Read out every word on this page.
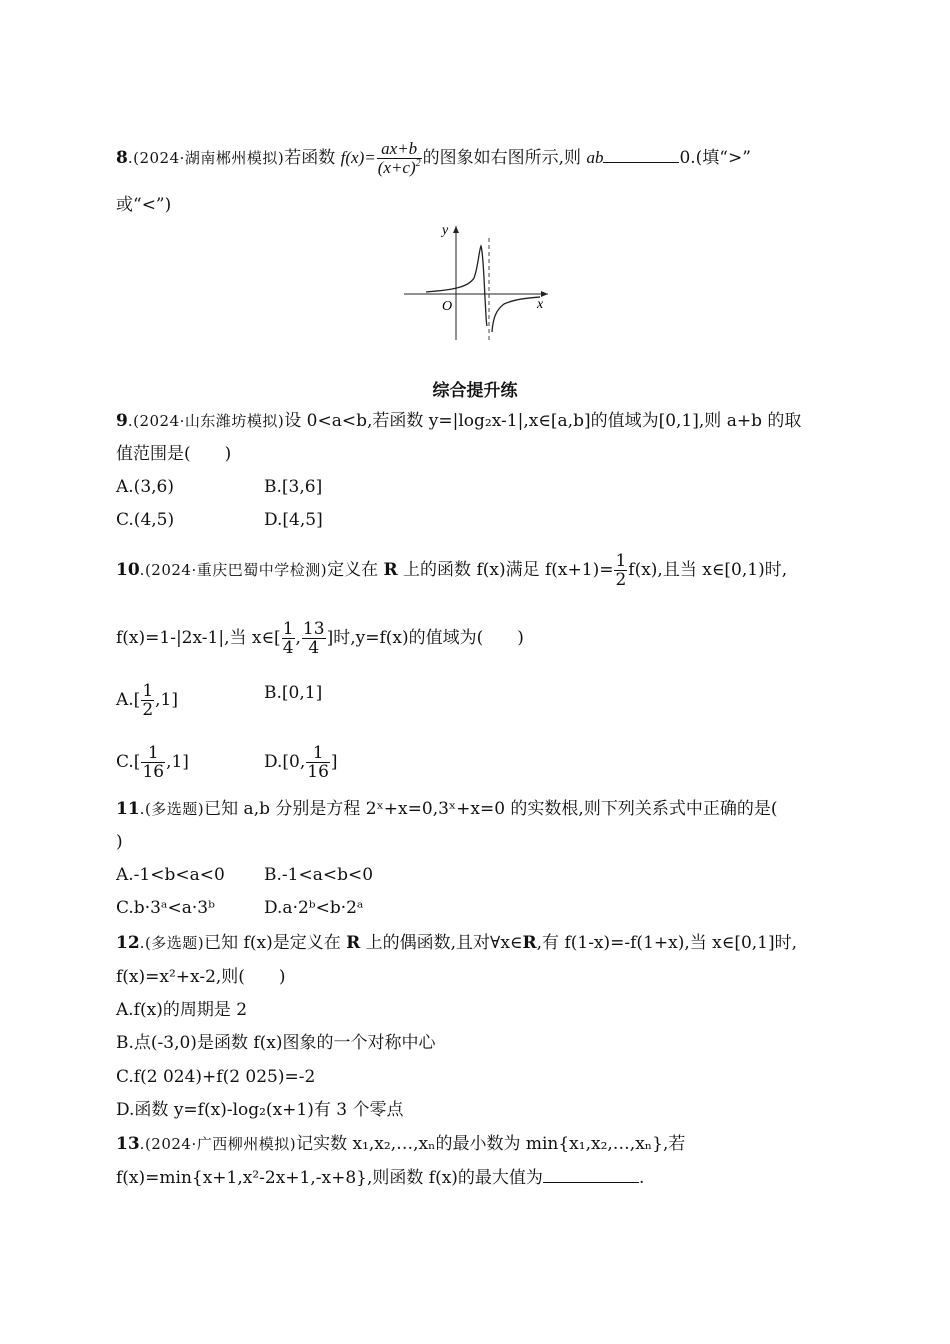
8.(2024·湖南郴州模拟)若函数 $f(x)= \frac{ax+b}{(x+c)^2}$ 的图象如右图所示,则 ab	0.(填“>”
或“<”)
y
x
O
综合提升练
9.(2024·山东潍坊模拟)设 0<a<b,若函数 y=|log₂x-1|,x∈[a,b]的值域为[0,1],则 a+b 的取
值范围是(　　)
A.(3,6)	B.[3,6]
C.(4,5)	D.[4,5]
10.(2024·重庆巴蜀中学检测)定义在 R 上的函数 f(x)满足 $f(x+1)= \frac{1}{2} f(x)$,且当 x∈[0,1)时,
f(x)=1-|2x-1|,当 x∈[ $\frac{1}{4}$ , $\frac{13}{4}$ ]时,y=f(x)的值域为(　　)
$A.[ \frac{1}{2} ,1]$	B.[0,1]
$C.[ \frac{1}{16} ,1]$	D.[0, $\frac{1}{16}$ ]
11.(多选题)已知 a,b 分别是方程 2ˣ+x=0,3ˣ+x=0 的实数根,则下列关系式中正确的是(
)
A.-1<b<a<0 B.-1<a<b<0
C.b·3ᵃ<a·3ᵇ	D.a·2ᵇ<b·2ᵃ
12.(多选题)已知 f(x)是定义在 R 上的偶函数,且对∀x∈R,有 f(1-x)=-f(1+x),当 x∈[0,1]时,
f(x)=x²+x-2,则(　　)
A.f(x)的周期是 2
B.点(-3,0)是函数 f(x)图象的一个对称中心
C.f(2 024)+f(2 025)=-2
D.函数 y=f(x)-log₂(x+1)有 3 个零点
13.(2024·广西柳州模拟)记实数 x₁,x₂,…,xₙ的最小数为 min{x₁,x₂,…,xₙ},若
f(x)=min{x+1,x²-2x+1,-x+8},则函数 f(x)的最大值为	.
